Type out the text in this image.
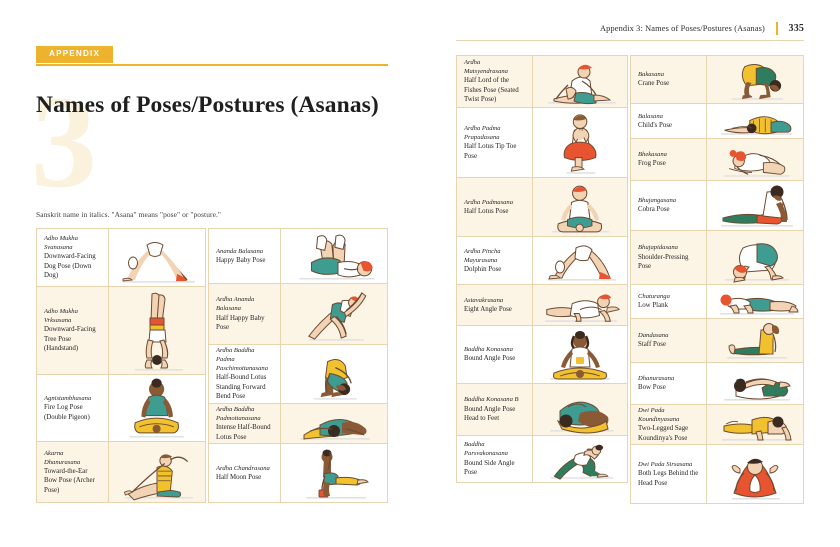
APPENDIX
3
Names of Poses/Postures (Asanas)
Sanskrit name in italics. "Asana" means "pose" or "posture."
Adho Mukha Svanasana
Downward-Facing Dog Pose (Down Dog)
Adho Mukha Vrksasana
Downward-Facing Tree Pose (Handstand)
Agnistambhasana
Fire Log Pose (Double Pigeon)
Akarna Dhanurasana
Toward-the-Ear Bow Pose (Archer Pose)
Ananda Balasana
Happy Baby Pose
Ardha Ananda Balasana
Half Happy Baby Pose
Ardha Baddha Padma Paschimottanasana
Half-Bound Lotus Standing Forward Bend Pose
Ardha Baddha Padmottanasana
Intense Half-Bound Lotus Pose
Ardha Chandrasana
Half Moon Pose
Appendix 3: Names of Poses/Postures (Asanas)	335
Ardha Matsyendrasana
Half Lord of the Fishes Pose (Seated Twist Pose)
Ardha Padma Prapadasana
Half Lotus Tip Toe Pose
Ardha Padmasana
Half Lotus Pose
Ardha Pincha Mayurasana
Dolphin Pose
Astavakrasana
Eight Angle Pose
Baddha Konasana
Bound Angle Pose
Baddha Konasana B
Bound Angle Pose Head to Feet
Baddha Parsvakonasana
Bound Side Angle Pose
Bakasana
Crane Pose
Balasana
Child's Pose
Bhekasana
Frog Pose
Bhujangasana
Cobra Pose
Bhujapidasana
Shoulder-Pressing Pose
Chaturanga
Low Plank
Dandasana
Staff Pose
Dhanurasana
Bow Pose
Dwi Pada Koundinyasana
Two-Legged Sage Koundinya's Pose
Dwi Pada Sirsasana
Both Legs Behind the Head Pose
